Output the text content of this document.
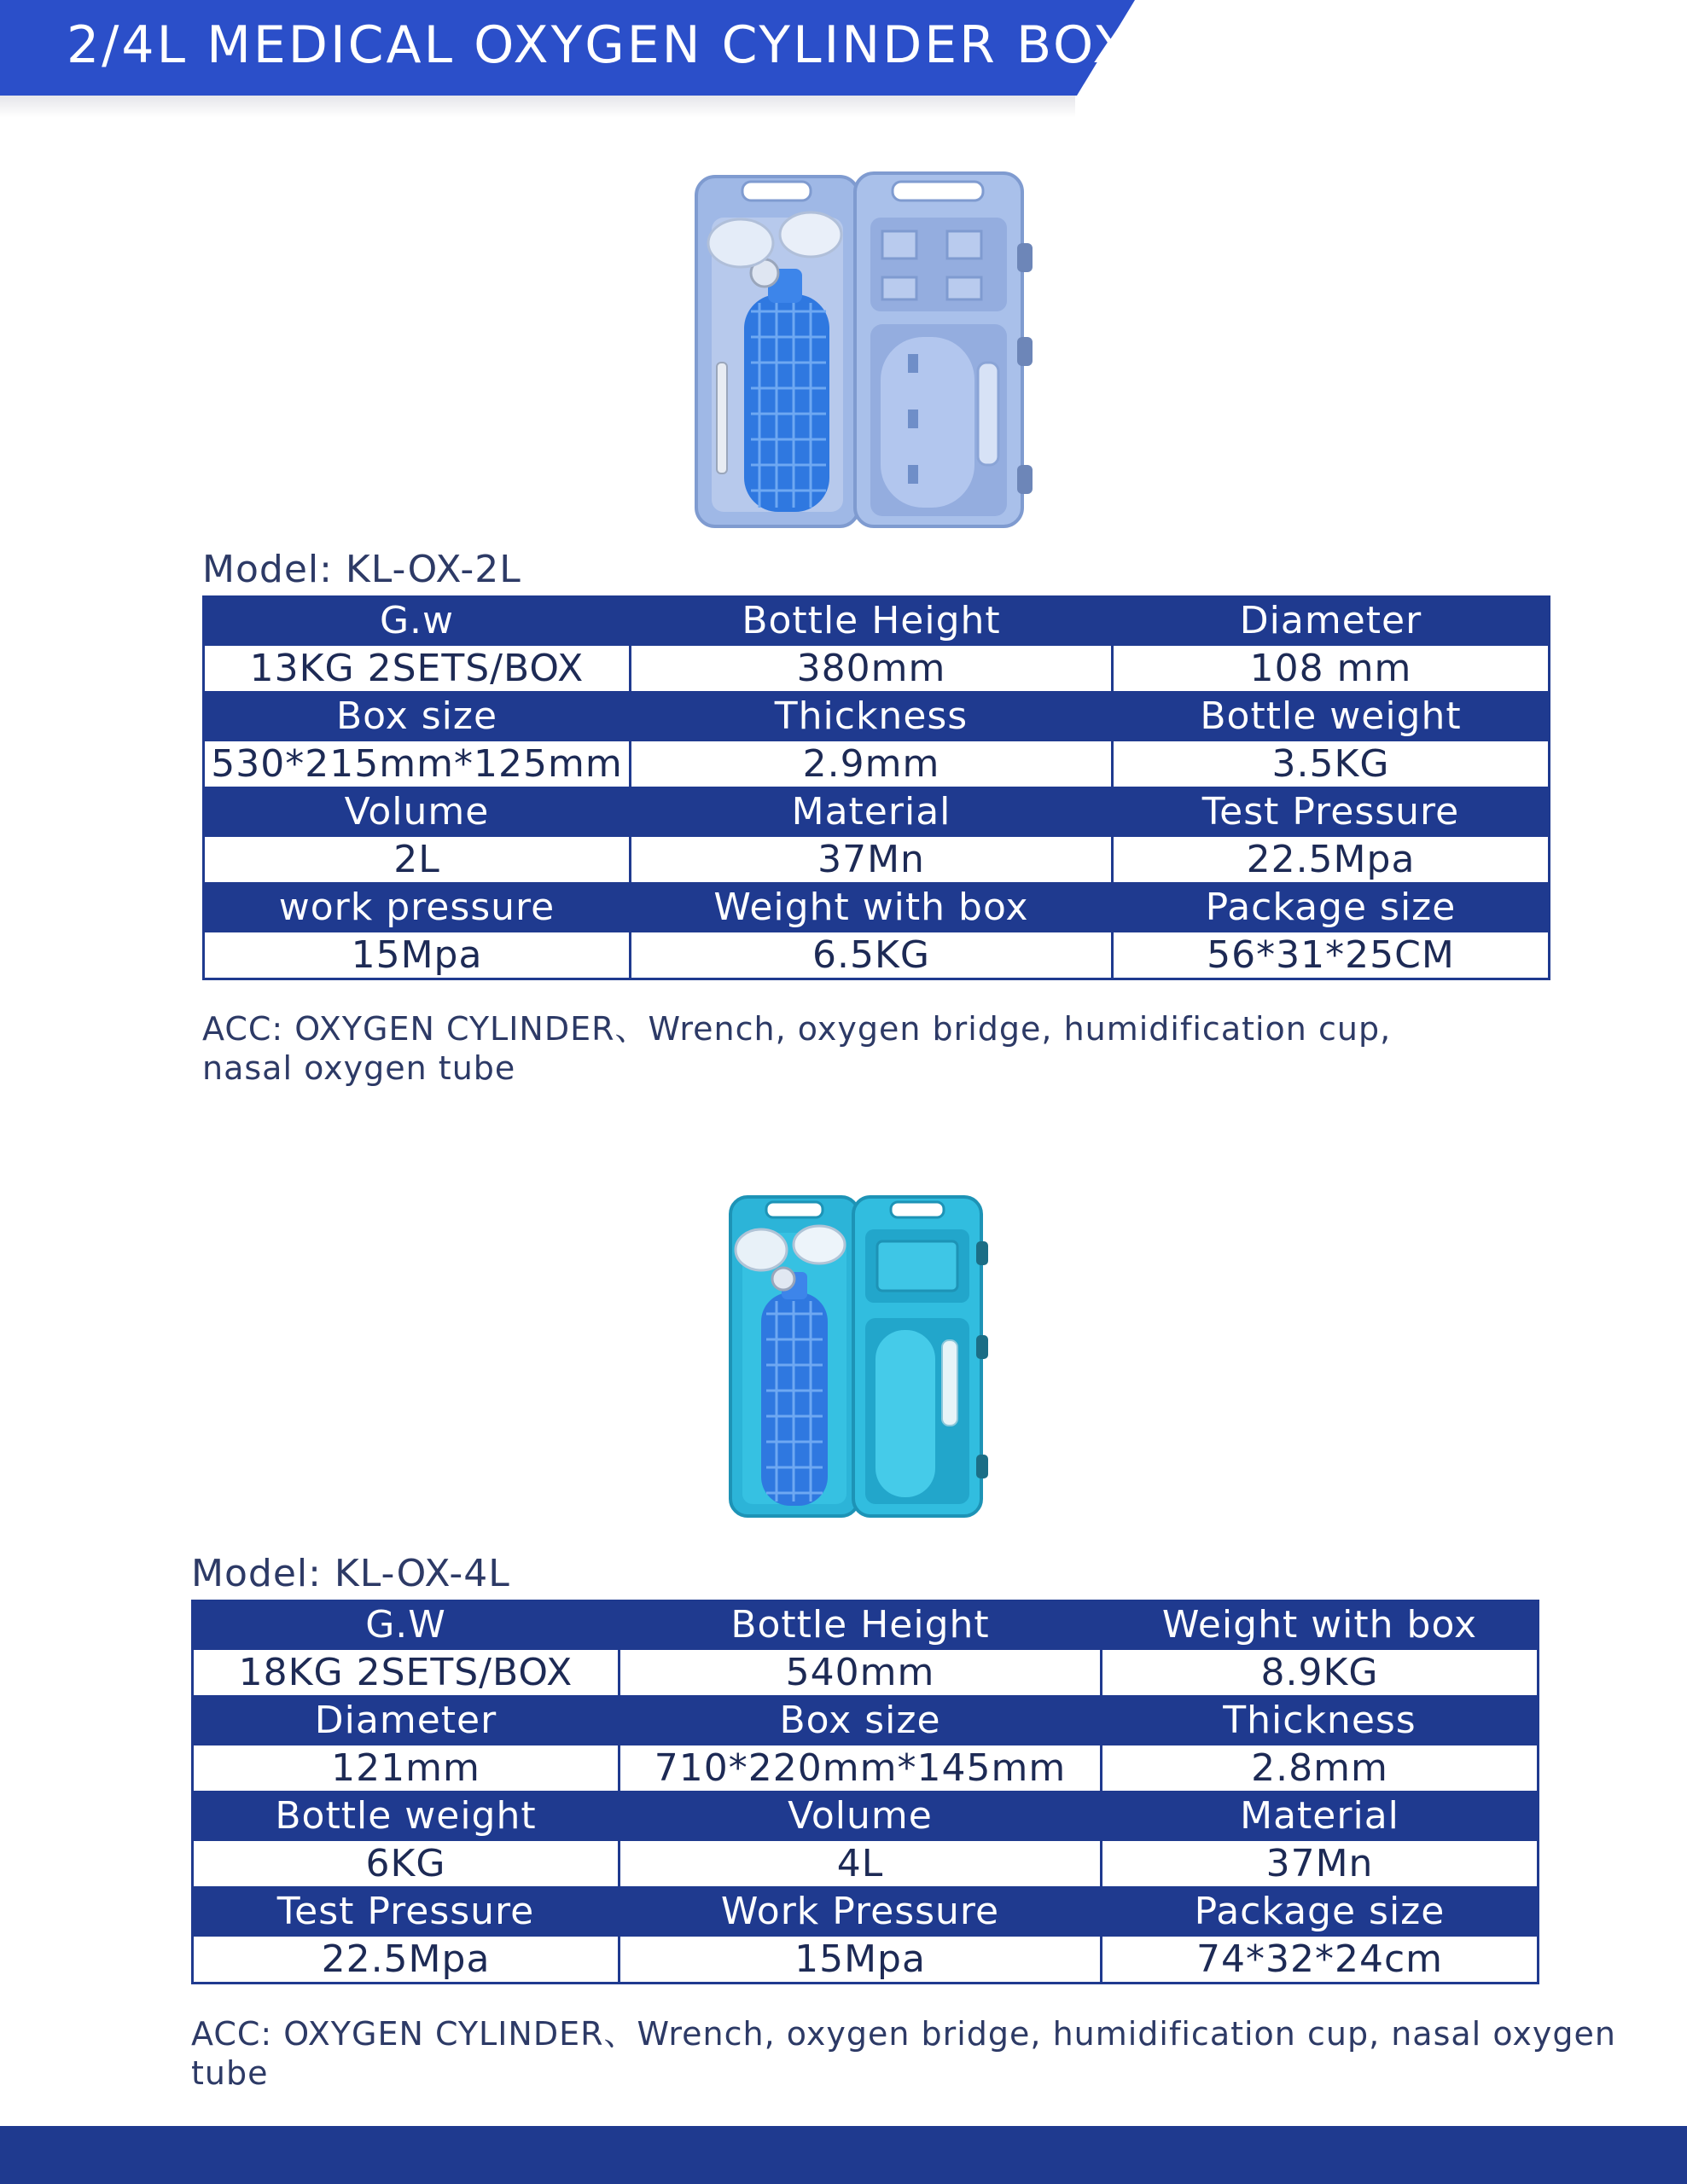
2/4L MEDICAL OXYGEN CYLINDER BOX
Model: KL-OX-2L
G.w	Bottle Height	Diameter
13KG 2SETS/BOX	380mm	108 mm
Box size	Thickness	Bottle weight
530*215mm*125mm	2.9mm	3.5KG
Volume	Material	Test Pressure
2L	37Mn	22.5Mpa
work pressure	Weight with box	Package size
15Mpa	6.5KG	56*31*25CM
ACC: OXYGEN CYLINDER、Wrench, oxygen bridge, humidification cup,
nasal oxygen tube
Model: KL-OX-4L
G.W	Bottle Height	Weight with box
18KG 2SETS/BOX	540mm	8.9KG
Diameter	Box size	Thickness
121mm	710*220mm*145mm	2.8mm
Bottle weight	Volume	Material
6KG	4L	37Mn
Test Pressure	Work Pressure	Package size
22.5Mpa	15Mpa	74*32*24cm
ACC: OXYGEN CYLINDER、Wrench, oxygen bridge, humidification cup, nasal oxygen tube
